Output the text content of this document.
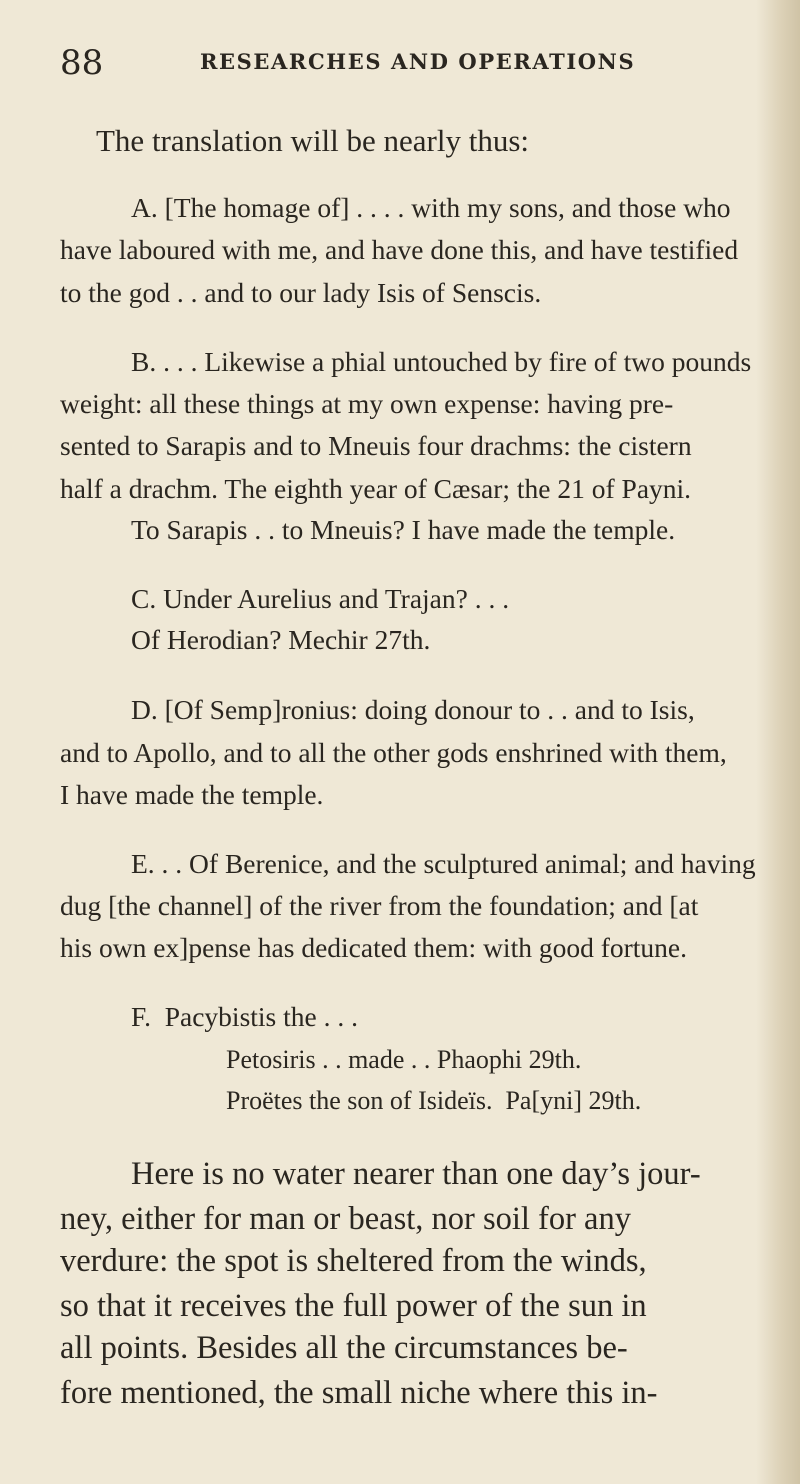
88	RESEARCHES AND OPERATIONS
The translation will be nearly thus:
A. [The homage of] . . . . with my sons, and those who
have laboured with me, and have done this, and have testified
to the god . . and to our lady Isis of Senscis.
B. . . . Likewise a phial untouched by fire of two pounds
weight: all these things at my own expense: having pre-
sented to Sarapis and to Mneuis four drachms: the cistern
half a drachm. The eighth year of Cæsar; the 21 of Payni.
To Sarapis . . to Mneuis? I have made the temple.
C. Under Aurelius and Trajan? . . .
Of Herodian? Mechir 27th.
D. [Of Semp]ronius: doing donour to . . and to Isis,
and to Apollo, and to all the other gods enshrined with them,
I have made the temple.
E. . . Of Berenice, and the sculptured animal; and having
dug [the channel] of the river from the foundation; and [at
his own ex]pense has dedicated them: with good fortune.
F.  Pacybistis the . . .
Petosiris . . made . . Phaophi 29th.
Proëtes the son of Isideïs.  Pa[yni] 29th.
Here is no water nearer than one day’s jour-
ney, either for man or beast, nor soil for any
verdure: the spot is sheltered from the winds,
so that it receives the full power of the sun in
all points. Besides all the circumstances be-
fore mentioned, the small niche where this in-
